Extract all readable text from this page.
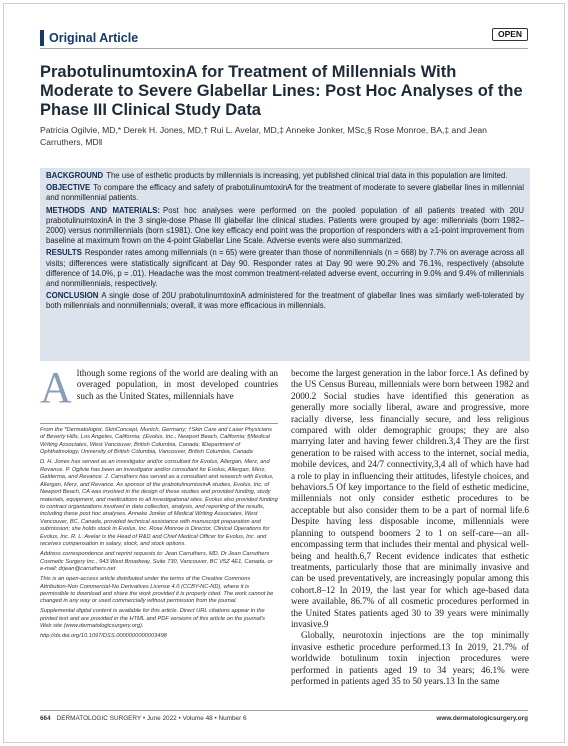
Original Article	OPEN
PrabotulinumtoxinA for Treatment of Millennials With Moderate to Severe Glabellar Lines: Post Hoc Analyses of the Phase III Clinical Study Data
Patricia Ogilvie, MD,* Derek H. Jones, MD,† Rui L. Avelar, MD,‡ Anneke Jonker, MSc,§ Rose Monroe, BA,‡ and Jean Carruthers, MD‖

BACKGROUND The use of esthetic products by millennials is increasing, yet published clinical trial data in this population are limited.

OBJECTIVE To compare the efficacy and safety of prabotulinumtoxinA for the treatment of moderate to severe glabellar lines in millennial and nonmillennial patients.

METHODS AND MATERIALS: Post hoc analyses were performed on the pooled population of all patients treated with 20U prabotulinumtoxinA in the 3 single-dose Phase III glabellar line clinical studies. Patients were grouped by age: millennials (born 1982–2000) versus nonmillennials (born ≤1981). One key efficacy end point was the proportion of responders with a ≥1-point improvement from baseline at maximum frown on the 4-point Glabellar Line Scale. Adverse events were also summarized.

RESULTS Responder rates among millennials (n = 65) were greater than those of nonmillennials (n = 668) by 7.7% on average across all visits; differences were statistically significant at Day 90. Responder rates at Day 90 were 90.2% and 76.1%, respectively (absolute difference of 14.0%, p = .01). Headache was the most common treatment-related adverse event, occurring in 9.0% and 9.4% of millennials and nonmillennials, respectively.

CONCLUSION A single dose of 20U prabotulinumtoxinA administered for the treatment of glabellar lines was similarly well-tolerated by both millennials and nonmillennials; overall, it was more efficacious in millennials.

Although some regions of the world are dealing with an overaged population, in most developed countries such as the United States, millennials have

From the *Dermatologist, SkinConcept, Munich, Germany; †Skin Care and Laser Physicians of Beverly Hills, Los Angeles, California; ‡Evolus, Inc., Newport Beach, California; §Medical Writing Associates, West Vancouver, British Columbia, Canada; ‖Department of Ophthalmology, University of British Columbia, Vancouver, British Columbia, Canada

D. H. Jones has served as an investigator and/or consultant for Evolus, Allergan, Merz, and Revance. P. Ogilvie has been an investigator and/or consultant for Evolus, Allergan, Merz, Galderma, and Revance. J. Carruthers has served as a consultant and research with Evolus, Allergan, Merz, and Revance. As sponsor of the prabotulinumtoxinA studies, Evolus, Inc. of Newport Beach, CA was involved in the design of these studies and provided funding, study materials, equipment, and medications to all investigational sites. Evolus also provided funding to contract organizations involved in data collection, analysis, and reporting of the results, including these post hoc analyses. Anneke Jonker of Medical Writing Associates, West Vancouver, BC, Canada, provided technical assistance with manuscript preparation and submission; she holds stock in Evolus, Inc. Rose Monroe is Director, Clinical Operations for Evolus, Inc. R. L. Avelar is the Head of R&D and Chief Medical Officer for Evolus, Inc. and receives compensation in salary, stock, and stock options.

Address correspondence and reprint requests to: Jean Carruthers, MD, Dr Jean Carruthers Cosmetic Surgery Inc., 943 West Broadway, Suite 730, Vancouver, BC V5Z 4E1, Canada, or e-mail: drjean@carruthers.net

This is an open-access article distributed under the terms of the Creative Commons Attribution-Non Commercial-No Derivatives License 4.0 (CCBY-NC-ND), where it is permissible to download and share the work provided it is properly cited. The work cannot be changed in any way or used commercially without permission from the journal.

Supplemental digital content is available for this article. Direct URL citations appear in the printed text and are provided in the HTML and PDF versions of this article on the journal's Web site (www.dermatologicsurgery.org).

http://dx.doi.org/10.1097/DSS.0000000000003498

become the largest generation in the labor force.1 As defined by the US Census Bureau, millennials were born between 1982 and 2000.2 Social studies have identified this generation as generally more socially liberal, aware and progressive, more racially diverse, less financially secure, and less religious compared with older demographic groups; they are also marrying later and having fewer children.3,4 They are the first generation to be raised with access to the internet, social media, mobile devices, and 24/7 connectivity,3,4 all of which have had a role to play in influencing their attitudes, lifestyle choices, and behaviors.5 Of key importance to the field of esthetic medicine, millennials not only consider esthetic procedures to be acceptable but also consider them to be a part of normal life.6 Despite having less disposable income, millennials were planning to outspend boomers 2 to 1 on self-care—an all-encompassing term that includes their mental and physical well-being and health.6,7 Recent evidence indicates that esthetic treatments, particularly those that are minimally invasive and can be used preventatively, are increasingly popular among this cohort.8–12 In 2019, the last year for which age-based data were available, 86.7% of all cosmetic procedures performed in the United States patients aged 30 to 39 years were minimally invasive.9

Globally, neurotoxin injections are the top minimally invasive esthetic procedure performed.13 In 2019, 21.7% of worldwide botulinum toxin injection procedures were performed in patients aged 19 to 34 years; 46.1% were performed in patients aged 35 to 50 years.13 In the same

664 DERMATOLOGIC SURGERY • June 2022 • Volume 48 • Number 6	www.dermatologicsurgery.org
